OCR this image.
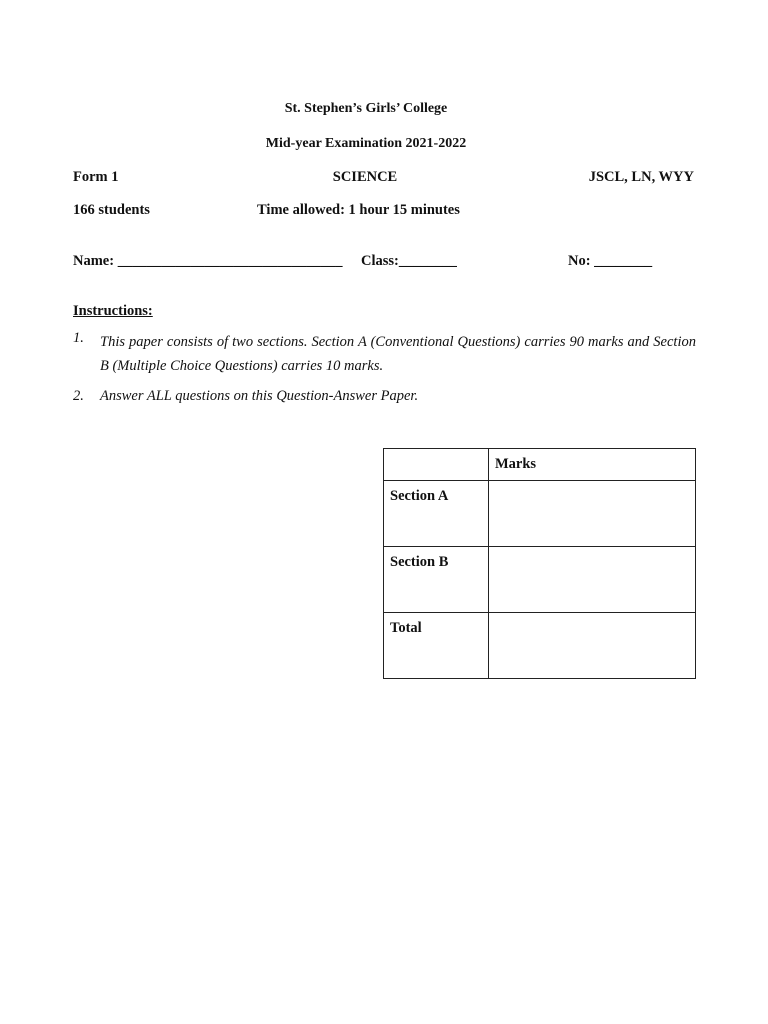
St. Stephen’s Girls’ College
Mid-year Examination 2021-2022
Form 1	SCIENCE	JSCL, LN, WYY
166 students	Time allowed: 1 hour 15 minutes
Name: _______________________________ Class:________	No: ________
Instructions:
1. This paper consists of two sections. Section A (Conventional Questions) carries 90 marks and Section B (Multiple Choice Questions) carries 10 marks.
2. Answer ALL questions on this Question-Answer Paper.

	Marks

Section A	

Section B	

Total	
